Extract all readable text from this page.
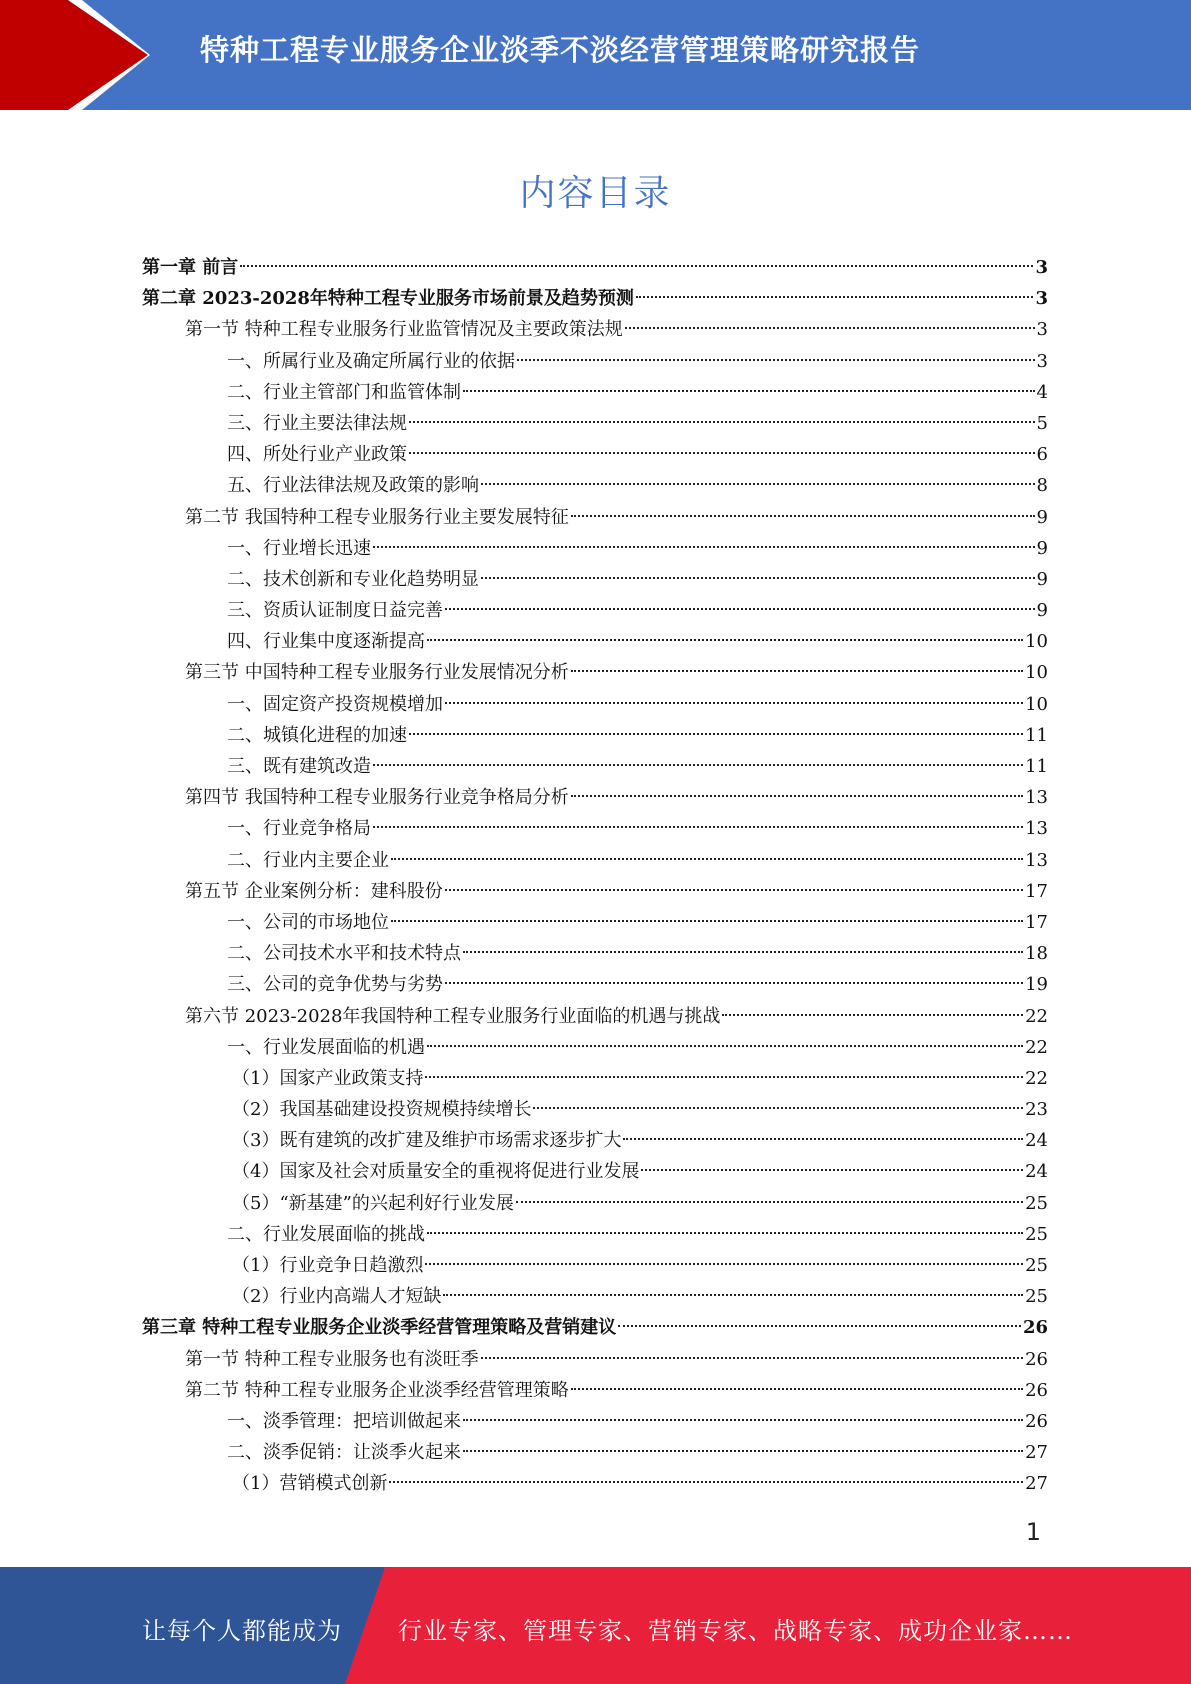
特种工程专业服务企业淡季不淡经营管理策略研究报告
内容目录
第一章 前言	3
第二章 2023-2028年特种工程专业服务市场前景及趋势预测	3
第一节 特种工程专业服务行业监管情况及主要政策法规	3
一、所属行业及确定所属行业的依据	3
二、行业主管部门和监管体制	4
三、行业主要法律法规	5
四、所处行业产业政策	6
五、行业法律法规及政策的影响	8
第二节 我国特种工程专业服务行业主要发展特征	9
一、行业增长迅速	9
二、技术创新和专业化趋势明显	9
三、资质认证制度日益完善	9
四、行业集中度逐渐提高	10
第三节 中国特种工程专业服务行业发展情况分析	10
一、固定资产投资规模增加	10
二、城镇化进程的加速	11
三、既有建筑改造	11
第四节 我国特种工程专业服务行业竞争格局分析	13
一、行业竞争格局	13
二、行业内主要企业	13
第五节 企业案例分析：建科股份	17
一、公司的市场地位	17
二、公司技术水平和技术特点	18
三、公司的竞争优势与劣势	19
第六节 2023-2028年我国特种工程专业服务行业面临的机遇与挑战	22
一、行业发展面临的机遇	22
（1）国家产业政策支持	22
（2）我国基础建设投资规模持续增长	23
（3）既有建筑的改扩建及维护市场需求逐步扩大	24
（4）国家及社会对质量安全的重视将促进行业发展	24
（5）“新基建”的兴起利好行业发展	25
二、行业发展面临的挑战	25
（1）行业竞争日趋激烈	25
（2）行业内高端人才短缺	25
第三章 特种工程专业服务企业淡季经营管理策略及营销建议	26
第一节 特种工程专业服务也有淡旺季	26
第二节 特种工程专业服务企业淡季经营管理策略	26
一、淡季管理：把培训做起来	26
二、淡季促销：让淡季火起来	27
（1）营销模式创新	27
1
让每个人都能成为 行业专家、管理专家、营销专家、战略专家、成功企业家……
